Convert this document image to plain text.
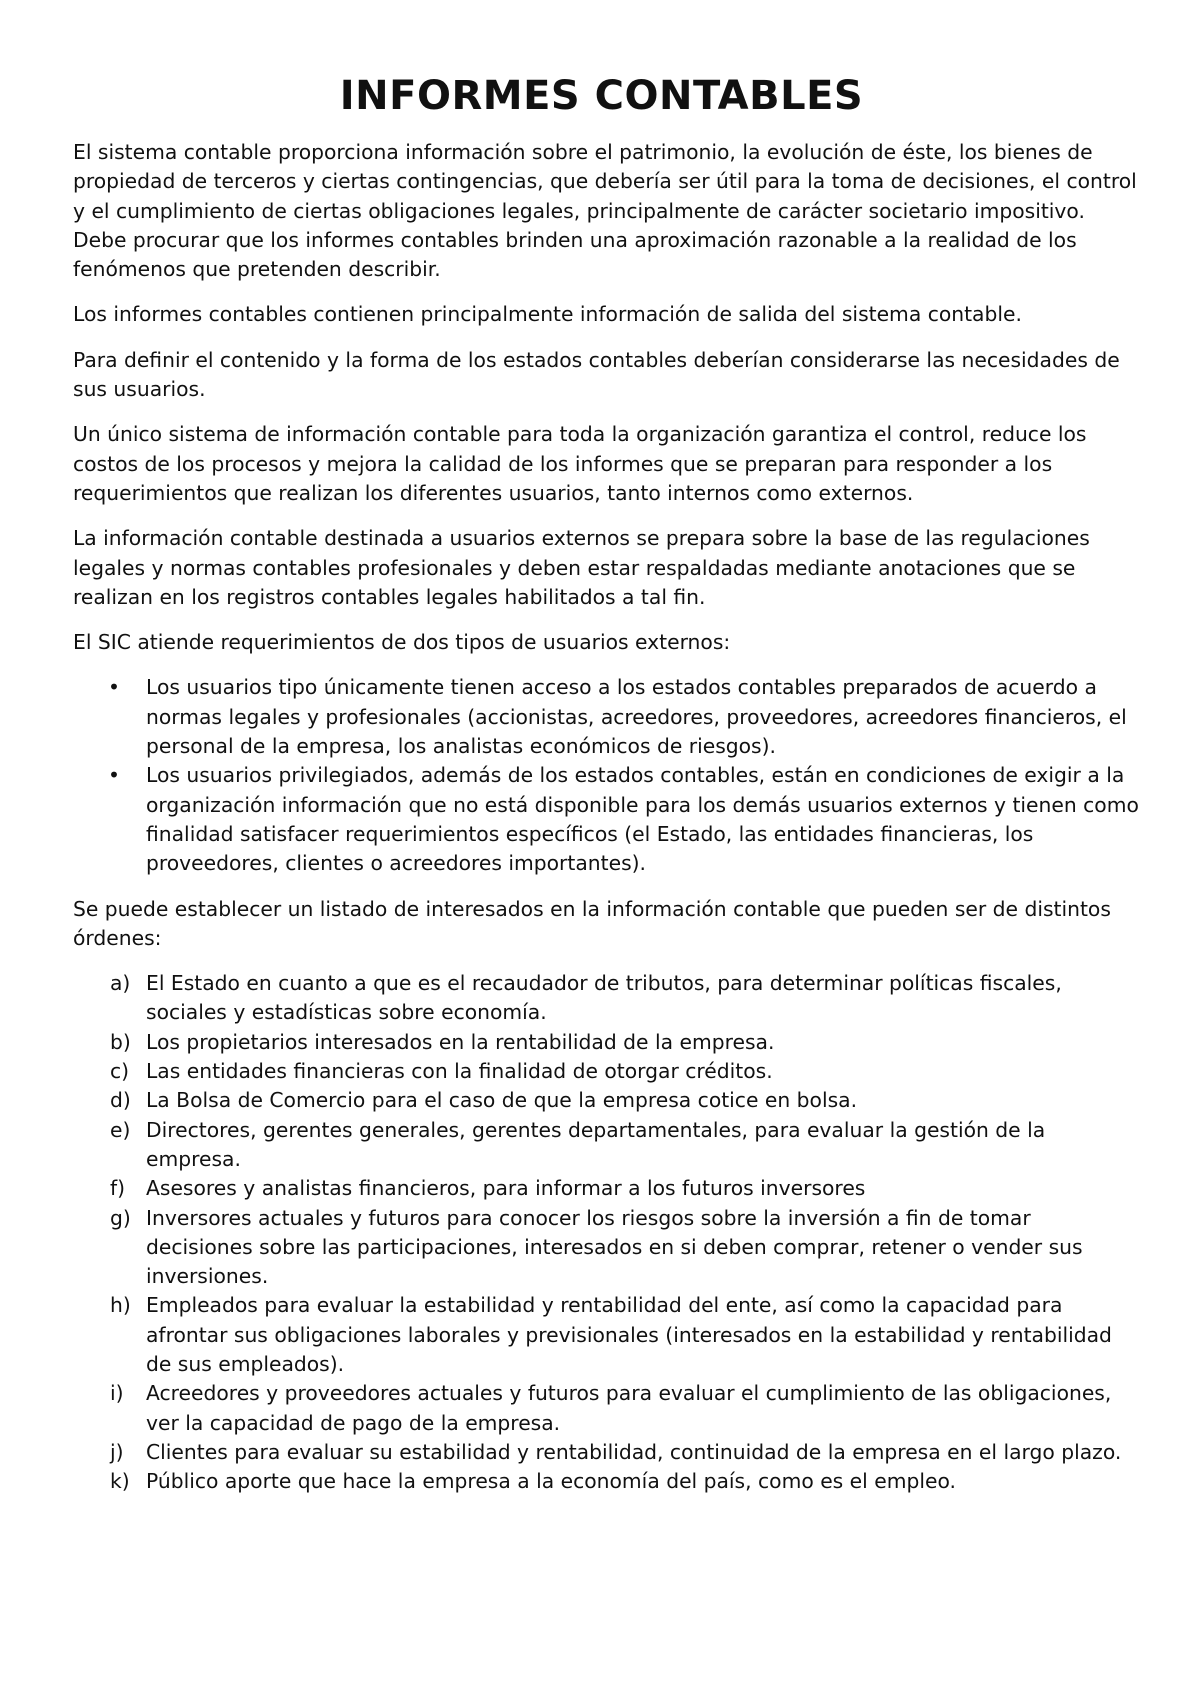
INFORMES CONTABLES

El sistema contable proporciona información sobre el patrimonio, la evolución de éste, los bienes de propiedad de terceros y ciertas contingencias, que debería ser útil para la toma de decisiones, el control y el cumplimiento de ciertas obligaciones legales, principalmente de carácter societario impositivo. Debe procurar que los informes contables brinden una aproximación razonable a la realidad de los fenómenos que pretenden describir.

Los informes contables contienen principalmente información de salida del sistema contable.

Para definir el contenido y la forma de los estados contables deberían considerarse las necesidades de sus usuarios.

Un único sistema de información contable para toda la organización garantiza el control, reduce los costos de los procesos y mejora la calidad de los informes que se preparan para responder a los requerimientos que realizan los diferentes usuarios, tanto internos como externos.

La información contable destinada a usuarios externos se prepara sobre la base de las regulaciones legales y normas contables profesionales y deben estar respaldadas mediante anotaciones que se realizan en los registros contables legales habilitados a tal fin.

El SIC atiende requerimientos de dos tipos de usuarios externos:

• Los usuarios tipo únicamente tienen acceso a los estados contables preparados de acuerdo a normas legales y profesionales (accionistas, acreedores, proveedores, acreedores financieros, el personal de la empresa, los analistas económicos de riesgos).
• Los usuarios privilegiados, además de los estados contables, están en condiciones de exigir a la organización información que no está disponible para los demás usuarios externos y tienen como finalidad satisfacer requerimientos específicos (el Estado, las entidades financieras, los proveedores, clientes o acreedores importantes).

Se puede establecer un listado de interesados en la información contable que pueden ser de distintos órdenes:

a) El Estado en cuanto a que es el recaudador de tributos, para determinar políticas fiscales, sociales y estadísticas sobre economía.
b) Los propietarios interesados en la rentabilidad de la empresa.
c) Las entidades financieras con la finalidad de otorgar créditos.
d) La Bolsa de Comercio para el caso de que la empresa cotice en bolsa.
e) Directores, gerentes generales, gerentes departamentales, para evaluar la gestión de la empresa.
f) Asesores y analistas financieros, para informar a los futuros inversores
g) Inversores actuales y futuros para conocer los riesgos sobre la inversión a fin de tomar decisiones sobre las participaciones, interesados en si deben comprar, retener o vender sus inversiones.
h) Empleados para evaluar la estabilidad y rentabilidad del ente, así como la capacidad para afrontar sus obligaciones laborales y previsionales (interesados en la estabilidad y rentabilidad de sus empleados).
i) Acreedores y proveedores actuales y futuros para evaluar el cumplimiento de las obligaciones, ver la capacidad de pago de la empresa.
j) Clientes para evaluar su estabilidad y rentabilidad, continuidad de la empresa en el largo plazo.
k) Público aporte que hace la empresa a la economía del país, como es el empleo.
